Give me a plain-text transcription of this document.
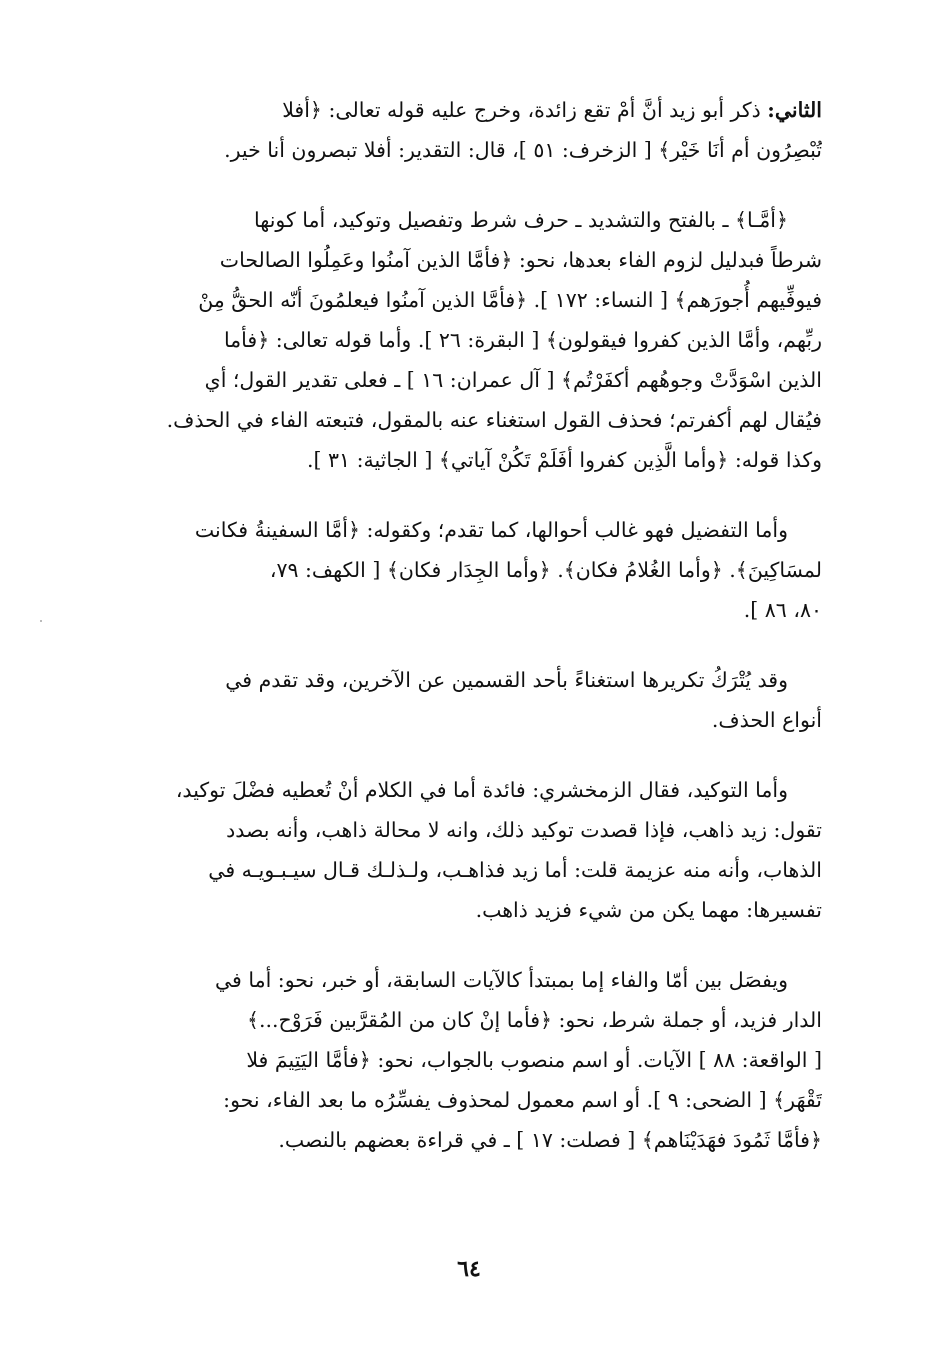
الثاني: ذكر أبو زيد أنَّ أمْ تقع زائدة، وخرج عليه قوله تعالى: ﴿أفلا
تُبْصِرُون أم أنَا خَيْر﴾ [ الزخرف: ٥١ ]، قال: التقدير: أفلا تبصرون أنا خير.

﴿أمَّـا﴾ ـ بالفتح والتشديد ـ حرف شرط وتفصيل وتوكيد، أما كونها
شرطاً فبدليل لزوم الفاء بعدها، نحو: ﴿فأمَّا الذين آمنُوا وعَمِلُوا الصالحات
فيوفِّيهم أُجورَهم﴾ [ النساء: ١٧٢ ]. ﴿فأمَّا الذين آمنُوا فيعلمُونَ أنّه الحقُّ مِنْ
ربِّهم، وأمَّا الذين كفروا فيقولون﴾ [ البقرة: ٢٦ ]. وأما قوله تعالى: ﴿فأما
الذين اسْوَدَّتْ وجوهُهم أكفَرْتُم﴾ [ آل عمران: ١٦ ] ـ فعلى تقدير القول؛ أي
فيُقال لهم أكفرتم؛ فحذف القول استغناء عنه بالمقول، فتبعته الفاء في الحذف.
وكذا قوله: ﴿وأما الَّذِين كفروا أفَلَمْ تَكُنْ آياتي﴾ [ الجاثية: ٣١ ].

وأما التفضيل فهو غالب أحوالها، كما تقدم؛ وكقوله: ﴿أمَّا السفينةُ فكانت
لمسَاكِينَ﴾. ﴿وأما الغُلامُ فكان﴾. ﴿وأما الجِدَار فكان﴾ [ الكهف: ٧٩،
٨٠، ٨٦ ].

وقد يُتْرَكُ تكريرها استغناءً بأحد القسمين عن الآخرين، وقد تقدم في
أنواع الحذف.

وأما التوكيد، فقال الزمخشري: فائدة أما في الكلام أنْ تُعطيه فضْلَ توكيد،
تقول: زيد ذاهب، فإذا قصدت توكيد ذلك، وانه لا محالة ذاهب، وأنه بصدد
الذهاب، وأنه منه عزيمة قلت: أما زيد فذاهـب، ولـذلـك قـال سيـبـويـه في
تفسيرها: مهما يكن من شيء فزيد ذاهب.

ويفصَل بين أمّا والفاء إما بمبتدأ كالآيات السابقة، أو خبر، نحو: أما في
الدار فزيد، أو جملة شرط، نحو: ﴿فأما إنْ كان من المُقرَّبين فَرَوْح...﴾
[ الواقعة: ٨٨ ] الآيات. أو اسم منصوب بالجواب، نحو: ﴿فأمَّا اليَتِيمَ فلا
تَقْهَر﴾ [ الضحى: ٩ ]. أو اسم معمول لمحذوف يفسِّرُه ما بعد الفاء، نحو:
﴿فأمَّا ثَمُودَ فهَدَيْنَاهم﴾ [ فصلت: ١٧ ] ـ في قراءة بعضهم بالنصب.

٦٤
